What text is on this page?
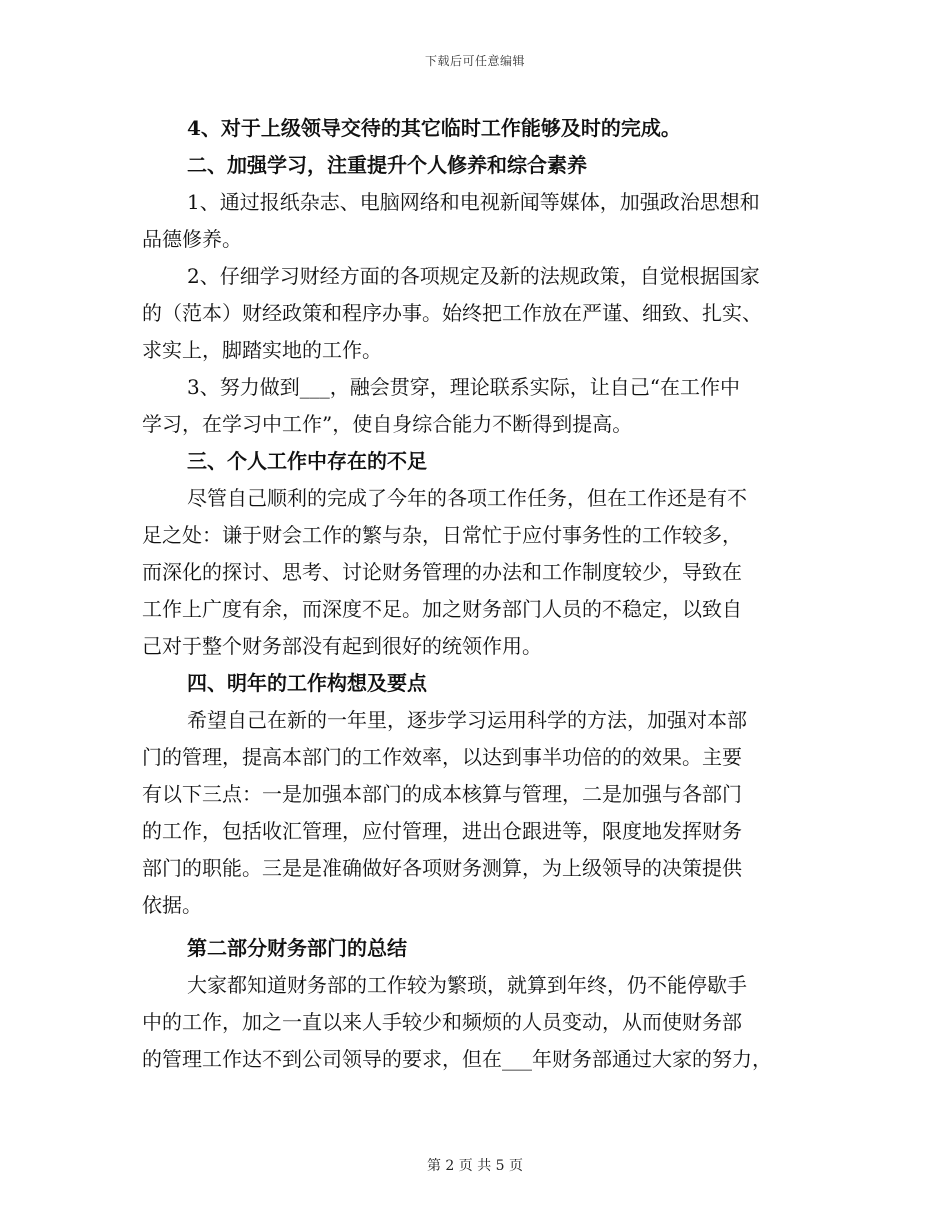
下载后可任意编辑
4、对于上级领导交待的其它临时工作能够及时的完成。
二、加强学习，注重提升个人修养和综合素养
1、通过报纸杂志、电脑网络和电视新闻等媒体，加强政治思想和
品德修养。
2、仔细学习财经方面的各项规定及新的法规政策，自觉根据国家
的（范本）财经政策和程序办事。始终把工作放在严谨、细致、扎实、
求实上，脚踏实地的工作。
3、努力做到___，融会贯穿，理论联系实际，让自己“在工作中
学习，在学习中工作”，使自身综合能力不断得到提高。
三、个人工作中存在的不足
尽管自己顺利的完成了今年的各项工作任务，但在工作还是有不
足之处：谦于财会工作的繁与杂，日常忙于应付事务性的工作较多，
而深化的探讨、思考、讨论财务管理的办法和工作制度较少，导致在
工作上广度有余，而深度不足。加之财务部门人员的不稳定，以致自
己对于整个财务部没有起到很好的统领作用。
四、明年的工作构想及要点
希望自己在新的一年里，逐步学习运用科学的方法，加强对本部
门的管理，提高本部门的工作效率，以达到事半功倍的的效果。主要
有以下三点：一是加强本部门的成本核算与管理，二是加强与各部门
的工作，包括收汇管理，应付管理，进出仓跟进等，限度地发挥财务
部门的职能。三是是准确做好各项财务测算，为上级领导的决策提供
依据。
第二部分财务部门的总结
大家都知道财务部的工作较为繁琐，就算到年终，仍不能停歇手
中的工作，加之一直以来人手较少和频烦的人员变动，从而使财务部
的管理工作达不到公司领导的要求，但在___年财务部通过大家的努力，
第 2 页 共 5 页
